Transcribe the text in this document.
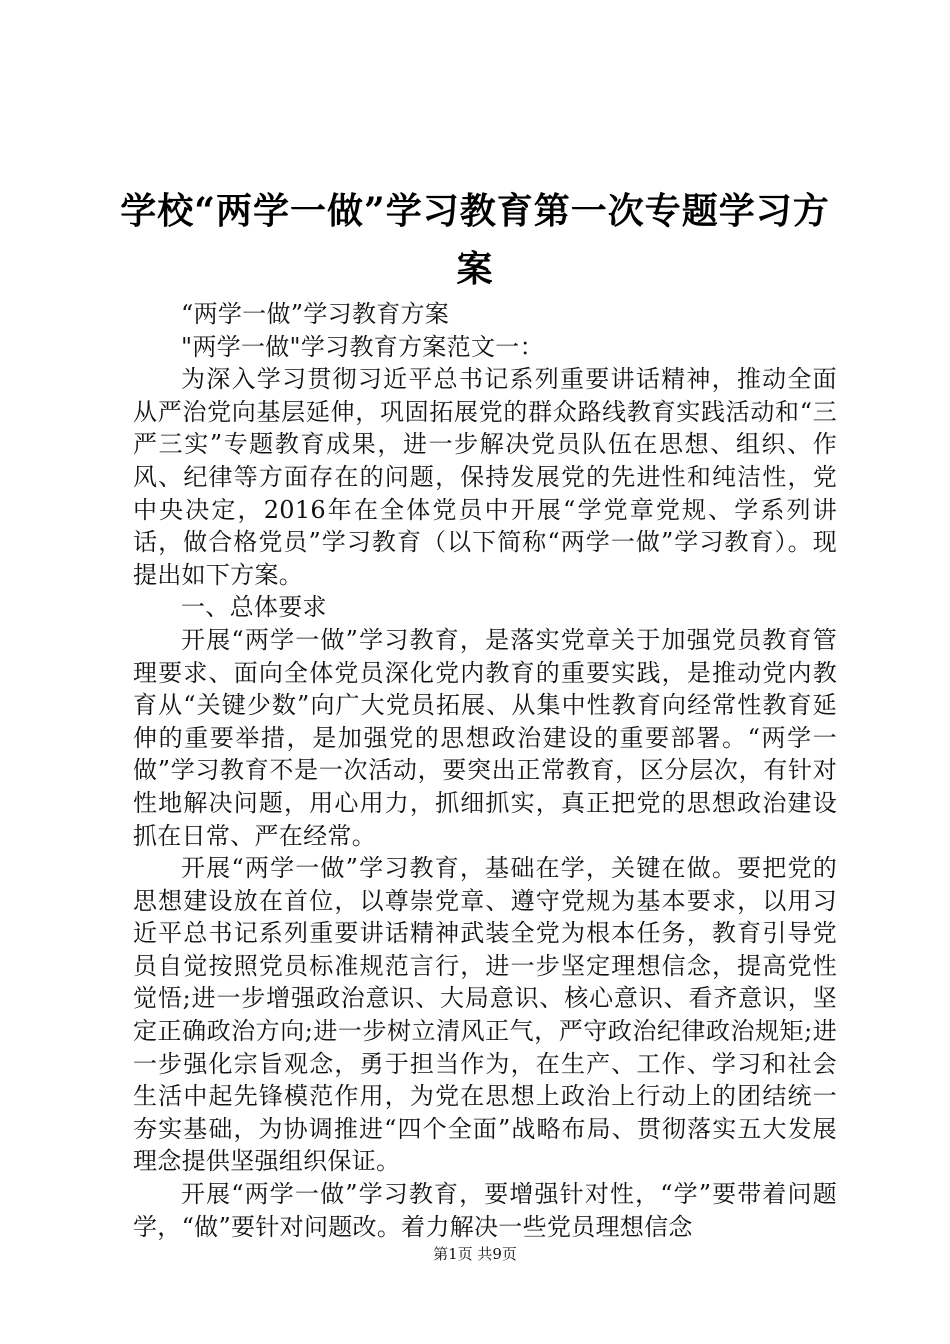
学校“两学一做”学习教育第一次专题学习方案

“两学一做”学习教育方案

"两学一做"学习教育方案范文一：

为深入学习贯彻习近平总书记系列重要讲话精神，推动全面从严治党向基层延伸，巩固拓展党的群众路线教育实践活动和“三严三实”专题教育成果，进一步解决党员队伍在思想、组织、作风、纪律等方面存在的问题，保持发展党的先进性和纯洁性，党中央决定，2016年在全体党员中开展“学党章党规、学系列讲话，做合格党员”学习教育（以下简称“两学一做”学习教育）。现提出如下方案。

一、总体要求

开展“两学一做”学习教育，是落实党章关于加强党员教育管理要求、面向全体党员深化党内教育的重要实践，是推动党内教育从“关键少数”向广大党员拓展、从集中性教育向经常性教育延伸的重要举措，是加强党的思想政治建设的重要部署。“两学一做”学习教育不是一次活动，要突出正常教育，区分层次，有针对性地解决问题，用心用力，抓细抓实，真正把党的思想政治建设抓在日常、严在经常。

开展“两学一做”学习教育，基础在学，关键在做。要把党的思想建设放在首位，以尊崇党章、遵守党规为基本要求，以用习近平总书记系列重要讲话精神武装全党为根本任务，教育引导党员自觉按照党员标准规范言行，进一步坚定理想信念，提高党性觉悟;进一步增强政治意识、大局意识、核心意识、看齐意识，坚定正确政治方向;进一步树立清风正气，严守政治纪律政治规矩;进一步强化宗旨观念，勇于担当作为，在生产、工作、学习和社会生活中起先锋模范作用，为党在思想上政治上行动上的团结统一夯实基础，为协调推进“四个全面”战略布局、贯彻落实五大发展理念提供坚强组织保证。

开展“两学一做”学习教育，要增强针对性，“学”要带着问题学，“做”要针对问题改。着力解决一些党员理想信念

第1页 共9页
